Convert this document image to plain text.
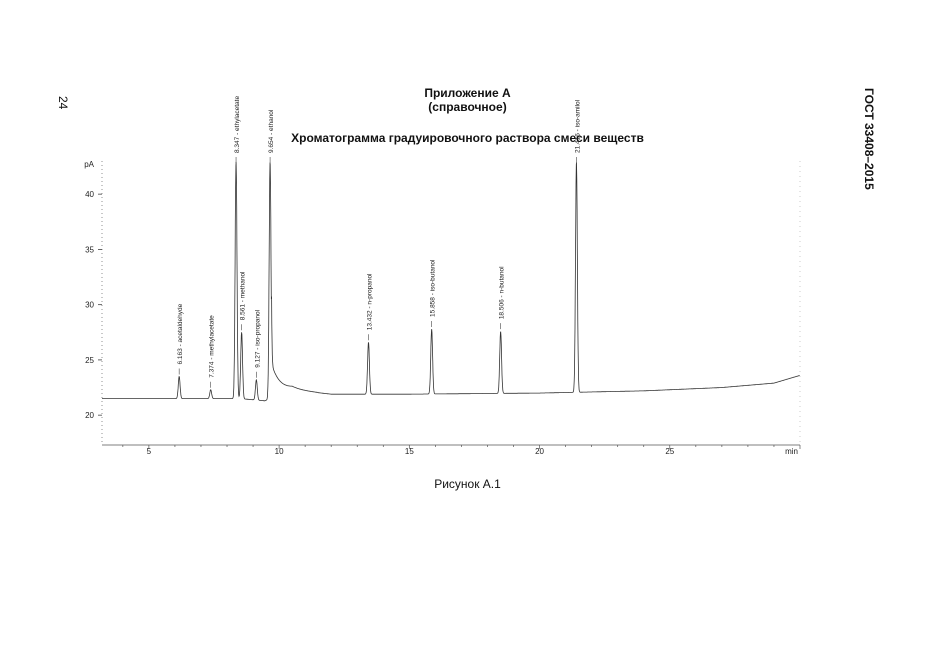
24	ГОСТ 33408–2015
Приложение А
(справочное)
Хроматограмма градуировочного раствора смеси веществ
20
25
30
35
40
pA
5	10	15	20	25	min
6.163 - acetaldehyde	7.374 - methylacetate
8.347 - ethylacetate
8.561 - methanol
9.127 - iso-propanol
9.654 - ethanol
13.432 - n-propanol	15.858 - iso-butanol	18.506 - n-butanol
21.416 - iso-amilol
Рисунок А.1
